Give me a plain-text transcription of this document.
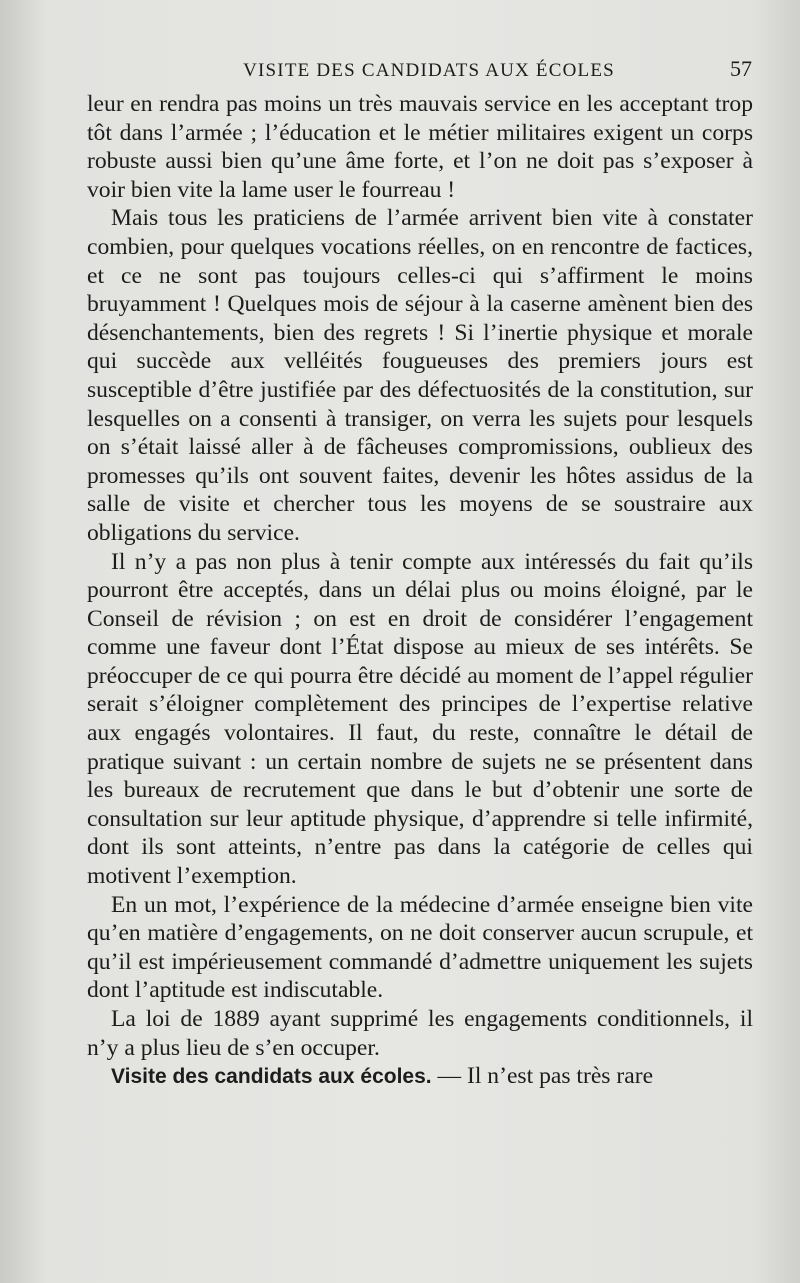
VISITE DES CANDIDATS AUX ÉCOLES	57

leur en rendra pas moins un très mauvais service en les acceptant trop tôt dans l’armée ; l’éducation et le métier militaires exigent un corps robuste aussi bien qu’une âme forte, et l’on ne doit pas s’exposer à voir bien vite la lame user le fourreau !

Mais tous les praticiens de l’armée arrivent bien vite à constater combien, pour quelques vocations réelles, on en rencontre de factices, et ce ne sont pas toujours celles-ci qui s’affirment le moins bruyamment ! Quelques mois de séjour à la caserne amènent bien des désenchantements, bien des regrets ! Si l’inertie physique et morale qui succède aux velléités fougueuses des premiers jours est susceptible d’être justifiée par des défectuosités de la constitution, sur lesquelles on a consenti à transiger, on verra les sujets pour lesquels on s’était laissé aller à de fâcheuses compromissions, oublieux des promesses qu’ils ont souvent faites, devenir les hôtes assidus de la salle de visite et chercher tous les moyens de se soustraire aux obligations du service.

Il n’y a pas non plus à tenir compte aux intéressés du fait qu’ils pourront être acceptés, dans un délai plus ou moins éloigné, par le Conseil de révision ; on est en droit de considérer l’engagement comme une faveur dont l’État dispose au mieux de ses intérêts. Se préoccuper de ce qui pourra être décidé au moment de l’appel régulier serait s’éloigner complètement des principes de l’expertise relative aux engagés volontaires. Il faut, du reste, connaître le détail de pratique suivant : un certain nombre de sujets ne se présentent dans les bureaux de recrutement que dans le but d’obtenir une sorte de consultation sur leur aptitude physique, d’apprendre si telle infirmité, dont ils sont atteints, n’entre pas dans la catégorie de celles qui motivent l’exemption.

En un mot, l’expérience de la médecine d’armée enseigne bien vite qu’en matière d’engagements, on ne doit conserver aucun scrupule, et qu’il est impérieusement commandé d’admettre uniquement les sujets dont l’aptitude est indiscutable.

La loi de 1889 ayant supprimé les engagements conditionnels, il n’y a plus lieu de s’en occuper.

Visite des candidats aux écoles. — Il n’est pas très rare
